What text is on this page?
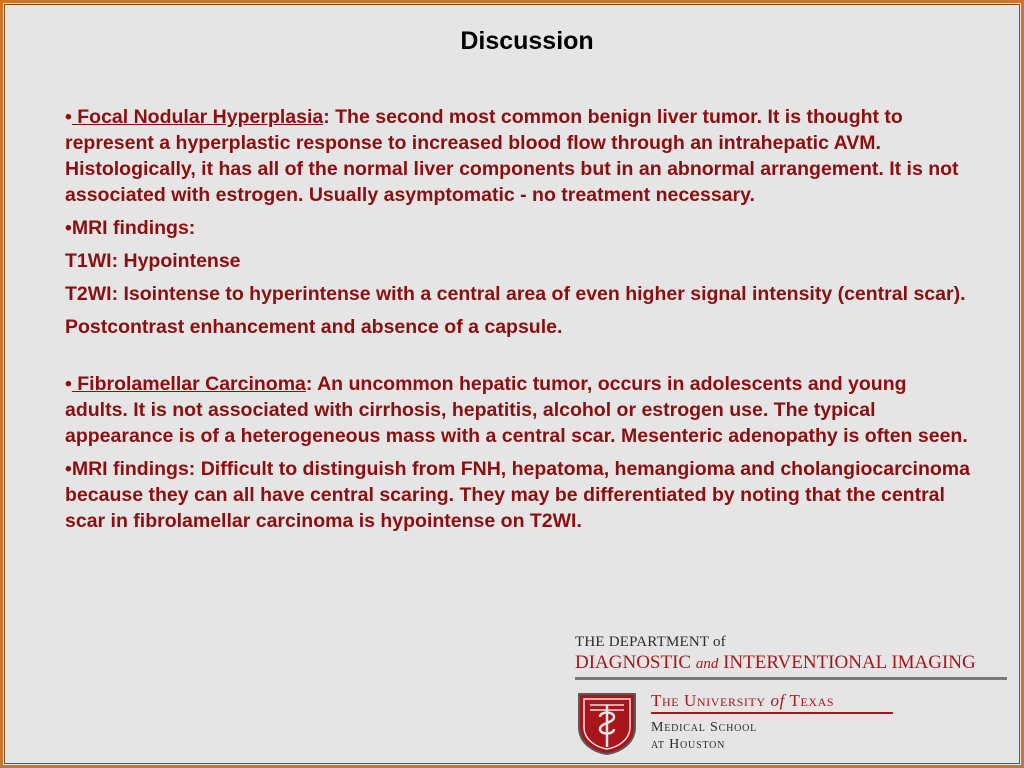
Discussion

• Focal Nodular Hyperplasia: The second most common benign liver tumor. It is thought to represent a hyperplastic response to increased blood flow through an intrahepatic AVM. Histologically, it has all of the normal liver components but in an abnormal arrangement. It is not associated with estrogen. Usually asymptomatic - no treatment necessary.

•MRI findings:

T1WI: Hypointense

T2WI: Isointense to hyperintense with a central area of even higher signal intensity (central scar).

Postcontrast enhancement and absence of a capsule.

• Fibrolamellar Carcinoma: An uncommon hepatic tumor, occurs in adolescents and young adults. It is not associated with cirrhosis, hepatitis, alcohol or estrogen use. The typical appearance is of a heterogeneous mass with a central scar. Mesenteric adenopathy is often seen.

•MRI findings: Difficult to distinguish from FNH, hepatoma, hemangioma and cholangiocarcinoma because they can all have central scaring. They may be differentiated by noting that the central scar in fibrolamellar carcinoma is hypointense on T2WI.

THE DEPARTMENT of
DIAGNOSTIC and INTERVENTIONAL IMAGING
The University of Texas
Medical School
at Houston
